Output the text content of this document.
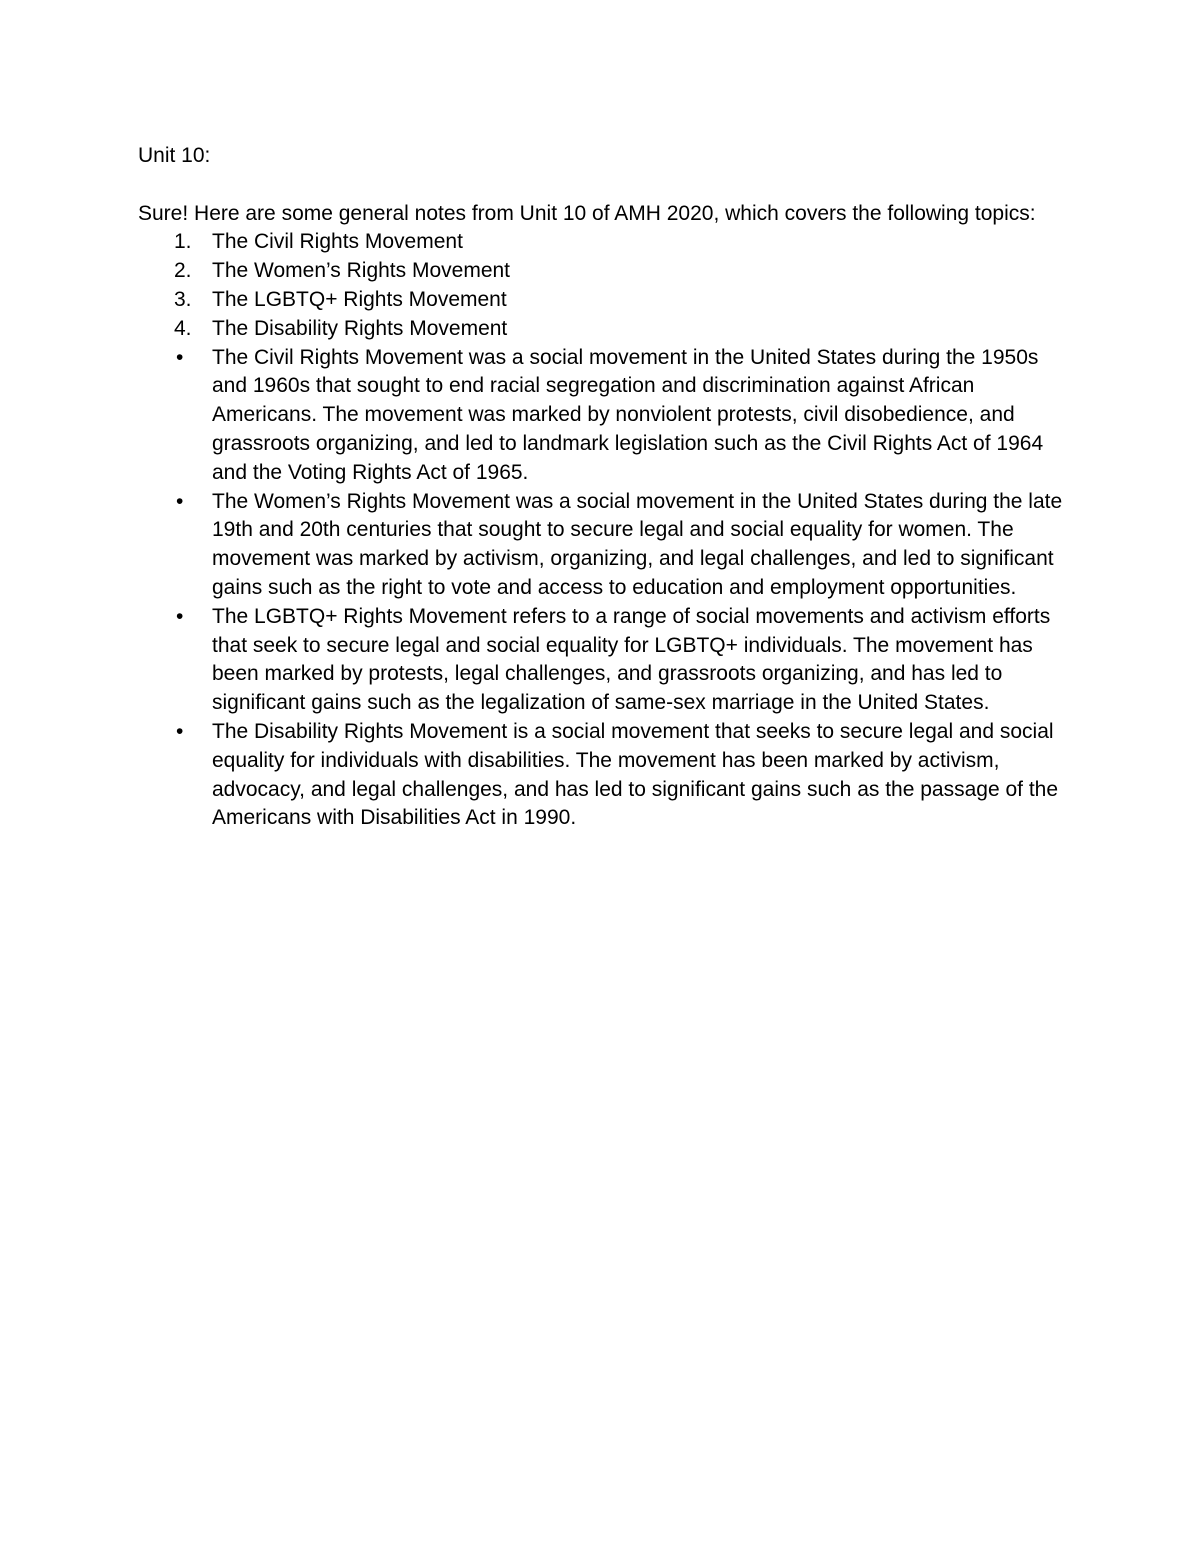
Unit 10:

Sure! Here are some general notes from Unit 10 of AMH 2020, which covers the following topics:

1. The Civil Rights Movement
2. The Women’s Rights Movement
3. The LGBTQ+ Rights Movement
4. The Disability Rights Movement
•	The Civil Rights Movement was a social movement in the United States during the 1950s and 1960s that sought to end racial segregation and discrimination against African Americans. The movement was marked by nonviolent protests, civil disobedience, and grassroots organizing, and led to landmark legislation such as the Civil Rights Act of 1964 and the Voting Rights Act of 1965.
•	The Women’s Rights Movement was a social movement in the United States during the late 19th and 20th centuries that sought to secure legal and social equality for women. The movement was marked by activism, organizing, and legal challenges, and led to significant gains such as the right to vote and access to education and employment opportunities.
•	The LGBTQ+ Rights Movement refers to a range of social movements and activism efforts that seek to secure legal and social equality for LGBTQ+ individuals. The movement has been marked by protests, legal challenges, and grassroots organizing, and has led to significant gains such as the legalization of same-sex marriage in the United States.
•	The Disability Rights Movement is a social movement that seeks to secure legal and social equality for individuals with disabilities. The movement has been marked by activism, advocacy, and legal challenges, and has led to significant gains such as the passage of the Americans with Disabilities Act in 1990.
